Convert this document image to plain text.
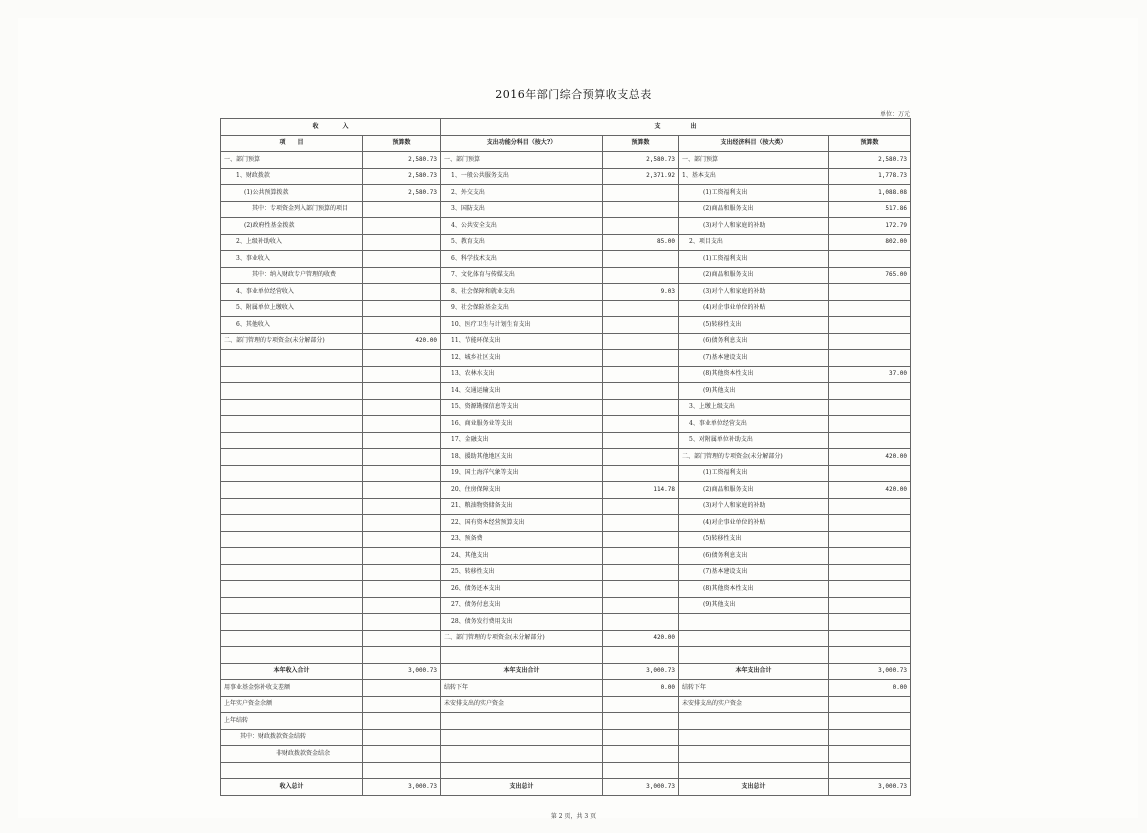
2016年部门综合预算收支总表
单位：万元
收　　　　入		支　　　　　出			
项　　目	预算数	支出功能分科目（按大?）	预算数	支出经济科目（按大类）	预算数
一、部门预算	2,580.73	一、部门预算	2,580.73	一、部门预算	2,580.73
1、财政拨款	2,580.73	1、一般公共服务支出	2,371.92	1、基本支出	1,778.73
(1)公共预算拨款	2,580.73	2、外交支出		(1)工资福利支出	1,088.08
其中：专项资金列入部门预算的项目		3、国防支出		(2)商品和服务支出	517.86
(2)政府性基金拨款		4、公共安全支出		(3)对个人和家庭的补助	172.79
2、上级补助收入		5、教育支出	85.00	2、项目支出	802.00
3、事业收入		6、科学技术支出		(1)工资福利支出	
其中：纳入财政专户管理的收费		7、文化体育与传媒支出		(2)商品和服务支出	765.00
4、事业单位经营收入		8、社会保障和就业支出	9.03	(3)对个人和家庭的补助	
5、附属单位上缴收入		9、社会保险基金支出		(4)对企事业单位的补贴	
6、其他收入		10、医疗卫生与计划生育支出		(5)转移性支出	
二、部门管理的专项资金(未分解部分)	420.00	11、节能环保支出		(6)债务利息支出	
		12、城乡社区支出		(7)基本建设支出	
		13、农林水支出		(8)其他资本性支出	37.00
		14、交通运输支出		(9)其他支出	
		15、资源勘探信息等支出		3、上缴上级支出	
		16、商业服务业等支出		4、事业单位经营支出	
		17、金融支出		5、对附属单位补助支出	
		18、援助其他地区支出		二、部门管理的专项资金(未分解部分)	420.00
		19、国土海洋气象等支出		(1)工资福利支出	
		20、住房保障支出	114.78	(2)商品和服务支出	420.00
		21、粮油物资储备支出		(3)对个人和家庭的补助	
		22、国有资本经营预算支出		(4)对企事业单位的补贴	
		23、预备费		(5)转移性支出	
		24、其他支出		(6)债务利息支出	
		25、转移性支出		(7)基本建设支出	
		26、债务还本支出		(8)其他资本性支出	
		27、债务付息支出		(9)其他支出	
		28、债务发行费用支出			
		二、部门管理的专项资金(未分解部分)	420.00		

本年收入合计	3,000.73	本年支出合计	3,000.73	本年支出合计	3,000.73
用事业基金弥补收支差额		结转下年	0.00	结转下年	0.00
上年实户资金余额		未安排支出的实户资金		未安排支出的实户资金	
上年结转					
其中：财政拨款资金结转					
非财政拨款资金结余					

收入总计	3,000.73	支出总计	3,000.73	支出总计	3,000.73
第 2 页，共 3 页
